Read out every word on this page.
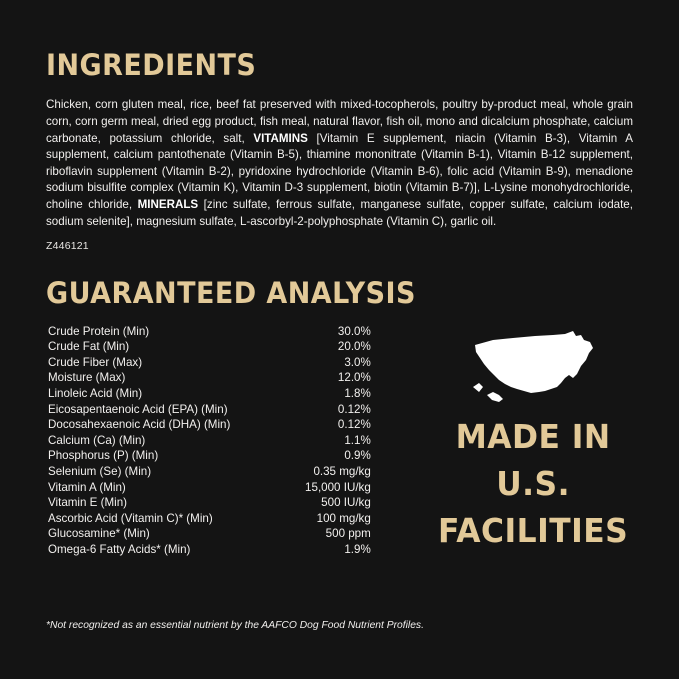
INGREDIENTS
Chicken, corn gluten meal, rice, beef fat preserved with mixed-tocopherols, poultry by-product meal, whole grain corn, corn germ meal, dried egg product, fish meal, natural flavor, fish oil, mono and dicalcium phosphate, calcium carbonate, potassium chloride, salt, VITAMINS [Vitamin E supplement, niacin (Vitamin B-3), Vitamin A supplement, calcium pantothenate (Vitamin B-5), thiamine mononitrate (Vitamin B-1), Vitamin B-12 supplement, riboflavin supplement (Vitamin B-2), pyridoxine hydrochloride (Vitamin B-6), folic acid (Vitamin B-9), menadione sodium bisulfite complex (Vitamin K), Vitamin D-3 supplement, biotin (Vitamin B-7)], L-Lysine monohydrochloride, choline chloride, MINERALS [zinc sulfate, ferrous sulfate, manganese sulfate, copper sulfate, calcium iodate, sodium selenite], magnesium sulfate, L-ascorbyl-2-polyphosphate (Vitamin C), garlic oil.
Z446121
GUARANTEED ANALYSIS
Crude Protein (Min)	30.0%
Crude Fat (Min)	20.0%
Crude Fiber (Max)	3.0%
Moisture (Max)	12.0%
Linoleic Acid (Min)	1.8%
Eicosapentaenoic Acid (EPA) (Min)	0.12%
Docosahexaenoic Acid (DHA) (Min)	0.12%
Calcium (Ca) (Min)	1.1%
Phosphorus (P) (Min)	0.9%
Selenium (Se) (Min)	0.35 mg/kg
Vitamin A (Min)	15,000 IU/kg
Vitamin E (Min)	500 IU/kg
Ascorbic Acid (Vitamin C)* (Min)	100 mg/kg
Glucosamine* (Min)	500 ppm
Omega-6 Fatty Acids* (Min)	1.9%
MADE IN
U.S.
FACILITIES
*Not recognized as an essential nutrient by the AAFCO Dog Food Nutrient Profiles.
